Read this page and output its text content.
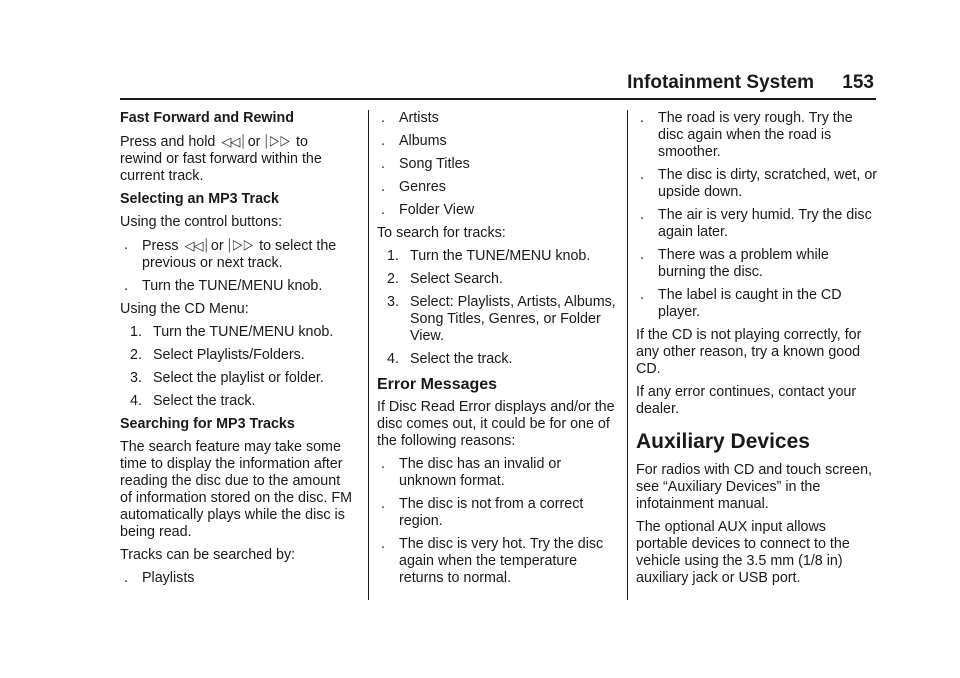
Infotainment System 153
Fast Forward and Rewind

Press and hold ◁◁⏐ or ⏐▷▷ to rewind or fast forward within the current track.

Selecting an MP3 Track

Using the control buttons:

. Press ◁◁⏐ or ⏐▷▷ to select the previous or next track.
. Turn the TUNE/MENU knob.

Using the CD Menu:

1. Turn the TUNE/MENU knob.
2. Select Playlists/Folders.
3. Select the playlist or folder.
4. Select the track.
Searching for MP3 Tracks

The search feature may take some time to display the information after reading the disc due to the amount of information stored on the disc. FM automatically plays while the disc is being read.

Tracks can be searched by:

. Playlists
. Artists
. Albums
. Song Titles
. Genres
. Folder View

To search for tracks:

1. Turn the TUNE/MENU knob.
2. Select Search.
3. Select: Playlists, Artists, Albums, Song Titles, Genres, or Folder View.
4. Select the track.
Error Messages

If Disc Read Error displays and/or the disc comes out, it could be for one of the following reasons:

. The disc has an invalid or unknown format.
. The disc is not from a correct region.
. The disc is very hot. Try the disc again when the temperature returns to normal.
. The road is very rough. Try the disc again when the road is smoother.
. The disc is dirty, scratched, wet, or upside down.
. The air is very humid. Try the disc again later.
. There was a problem while burning the disc.
. The label is caught in the CD player.

If the CD is not playing correctly, for any other reason, try a known good CD.

If any error continues, contact your dealer.

Auxiliary Devices

For radios with CD and touch screen, see “Auxiliary Devices” in the infotainment manual.

The optional AUX input allows portable devices to connect to the vehicle using the 3.5 mm (1/8 in) auxiliary jack or USB port.
